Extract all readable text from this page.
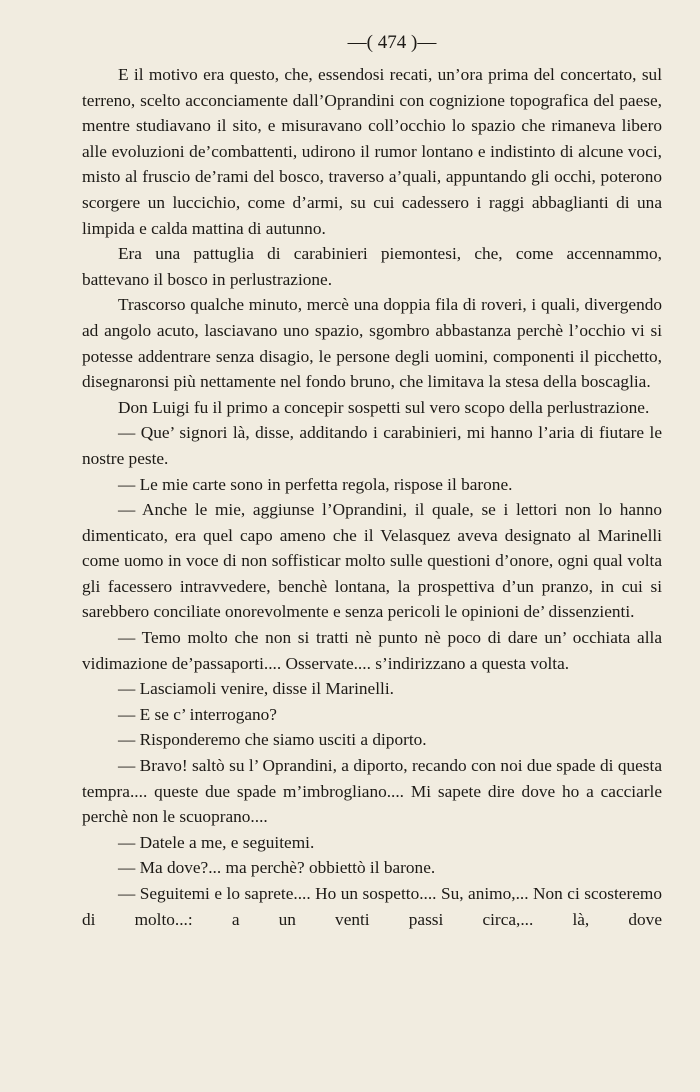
—( 474 )—

E il motivo era questo, che, essendosi recati, un’ora prima del concertato, sul terreno, scelto acconciamente dall’Oprandini con cognizione topografica del paese, mentre studiavano il sito, e misuravano coll’occhio lo spazio che rimaneva libero alle evoluzioni de’combattenti, udirono il rumor lontano e indistinto di alcune voci, misto al fruscio de’rami del bosco, traverso a’quali, appuntando gli occhi, poterono scorgere un luccichio, come d’armi, su cui cadessero i raggi abbaglianti di una limpida e calda mattina di autunno.

Era una pattuglia di carabinieri piemontesi, che, come accennammo, battevano il bosco in perlustrazione.

Trascorso qualche minuto, mercè una doppia fila di roveri, i quali, divergendo ad angolo acuto, lasciavano uno spazio, sgombro abbastanza perchè l’occhio vi si potesse addentrare senza disagio, le persone degli uomini, componenti il picchetto, disegnaronsi più nettamente nel fondo bruno, che limitava la stesa della boscaglia.

Don Luigi fu il primo a concepir sospetti sul vero scopo della perlustrazione.

— Que’ signori là, disse, additando i carabinieri, mi hanno l’aria di fiutare le nostre peste.

— Le mie carte sono in perfetta regola, rispose il barone.

— Anche le mie, aggiunse l’Oprandini, il quale, se i lettori non lo hanno dimenticato, era quel capo ameno che il Velasquez aveva designato al Marinelli come uomo in voce di non soffisticar molto sulle questioni d’onore, ogni qual volta gli facessero intravvedere, benchè lontana, la prospettiva d’un pranzo, in cui si sarebbero conciliate onorevolmente e senza pericoli le opinioni de’ dissenzienti.

— Temo molto che non si tratti nè punto nè poco di dare un’ occhiata alla vidimazione de’passaporti.... Osservate.... s’indirizzano a questa volta.

— Lasciamoli venire, disse il Marinelli.

— E se c’ interrogano?

— Risponderemo che siamo usciti a diporto.

— Bravo! saltò su l’ Oprandini, a diporto, recando con noi due spade di questa tempra.... queste due spade m’imbrogliano.... Mi sapete dire dove ho a cacciarle perchè non le scuoprano....

— Datele a me, e seguitemi.

— Ma dove?... ma perchè? obbiettò il barone.

— Seguitemi e lo saprete.... Ho un sospetto.... Su, animo,... Non ci scosteremo di molto...: a un venti passi circa,... là, dove
